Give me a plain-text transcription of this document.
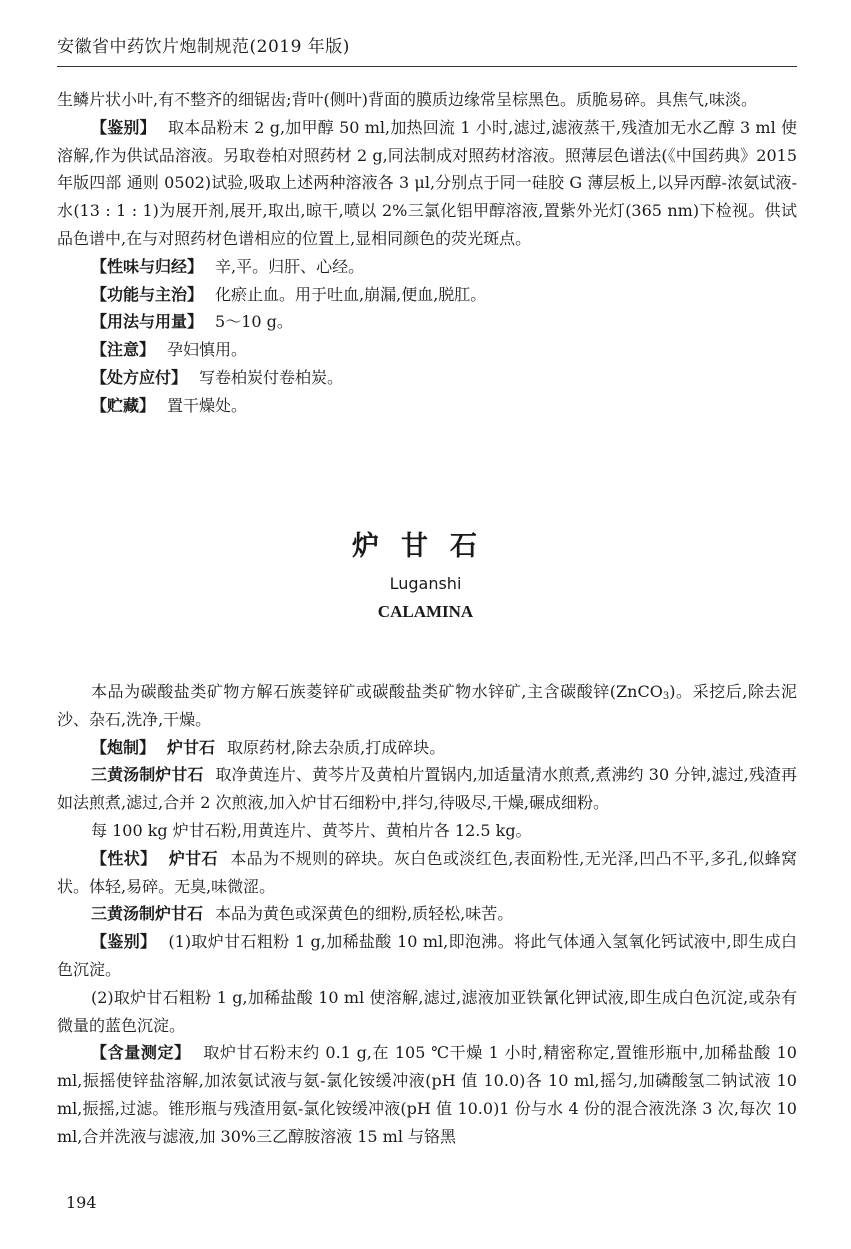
安徽省中药饮片炮制规范(2019 年版)

生鳞片状小叶,有不整齐的细锯齿;背叶(侧叶)背面的膜质边缘常呈棕黑色。质脆易碎。具焦气,味淡。

【鉴别】 取本品粉末 2 g,加甲醇 50 ml,加热回流 1 小时,滤过,滤液蒸干,残渣加无水乙醇 3 ml 使溶解,作为供试品溶液。另取卷柏对照药材 2 g,同法制成对照药材溶液。照薄层色谱法(《中国药典》2015 年版四部 通则 0502)试验,吸取上述两种溶液各 3 μl,分别点于同一硅胶 G 薄层板上,以异丙醇-浓氨试液-水(13 : 1 : 1)为展开剂,展开,取出,晾干,喷以 2%三氯化铝甲醇溶液,置紫外光灯(365 nm)下检视。供试品色谱中,在与对照药材色谱相应的位置上,显相同颜色的荧光斑点。

【性味与归经】 辛,平。归肝、心经。

【功能与主治】 化瘀止血。用于吐血,崩漏,便血,脱肛。

【用法与用量】 5～10 g。

【注意】 孕妇慎用。

【处方应付】 写卷柏炭付卷柏炭。

【贮藏】 置干燥处。

炉甘石
Luganshi
CALAMINA

本品为碳酸盐类矿物方解石族菱锌矿或碳酸盐类矿物水锌矿,主含碳酸锌(ZnCO$_3$)。采挖后,除去泥沙、杂石,洗净,干燥。

【炮制】 炉甘石 取原药材,除去杂质,打成碎块。

三黄汤制炉甘石 取净黄连片、黄芩片及黄柏片置锅内,加适量清水煎煮,煮沸约 30 分钟,滤过,残渣再如法煎煮,滤过,合并 2 次煎液,加入炉甘石细粉中,拌匀,待吸尽,干燥,碾成细粉。

每 100 kg 炉甘石粉,用黄连片、黄芩片、黄柏片各 12.5 kg。

【性状】 炉甘石 本品为不规则的碎块。灰白色或淡红色,表面粉性,无光泽,凹凸不平,多孔,似蜂窝状。体轻,易碎。无臭,味微涩。

三黄汤制炉甘石 本品为黄色或深黄色的细粉,质轻松,味苦。

【鉴别】 (1)取炉甘石粗粉 1 g,加稀盐酸 10 ml,即泡沸。将此气体通入氢氧化钙试液中,即生成白色沉淀。

(2)取炉甘石粗粉 1 g,加稀盐酸 10 ml 使溶解,滤过,滤液加亚铁氰化钾试液,即生成白色沉淀,或杂有微量的蓝色沉淀。

【含量测定】 取炉甘石粉末约 0.1 g,在 105 ℃干燥 1 小时,精密称定,置锥形瓶中,加稀盐酸 10 ml,振摇使锌盐溶解,加浓氨试液与氨-氯化铵缓冲液(pH 值 10.0)各 10 ml,摇匀,加磷酸氢二钠试液 10 ml,振摇,过滤。锥形瓶与残渣用氨-氯化铵缓冲液(pH 值 10.0)1 份与水 4 份的混合液洗涤 3 次,每次 10 ml,合并洗液与滤液,加 30%三乙醇胺溶液 15 ml 与铬黑

194
